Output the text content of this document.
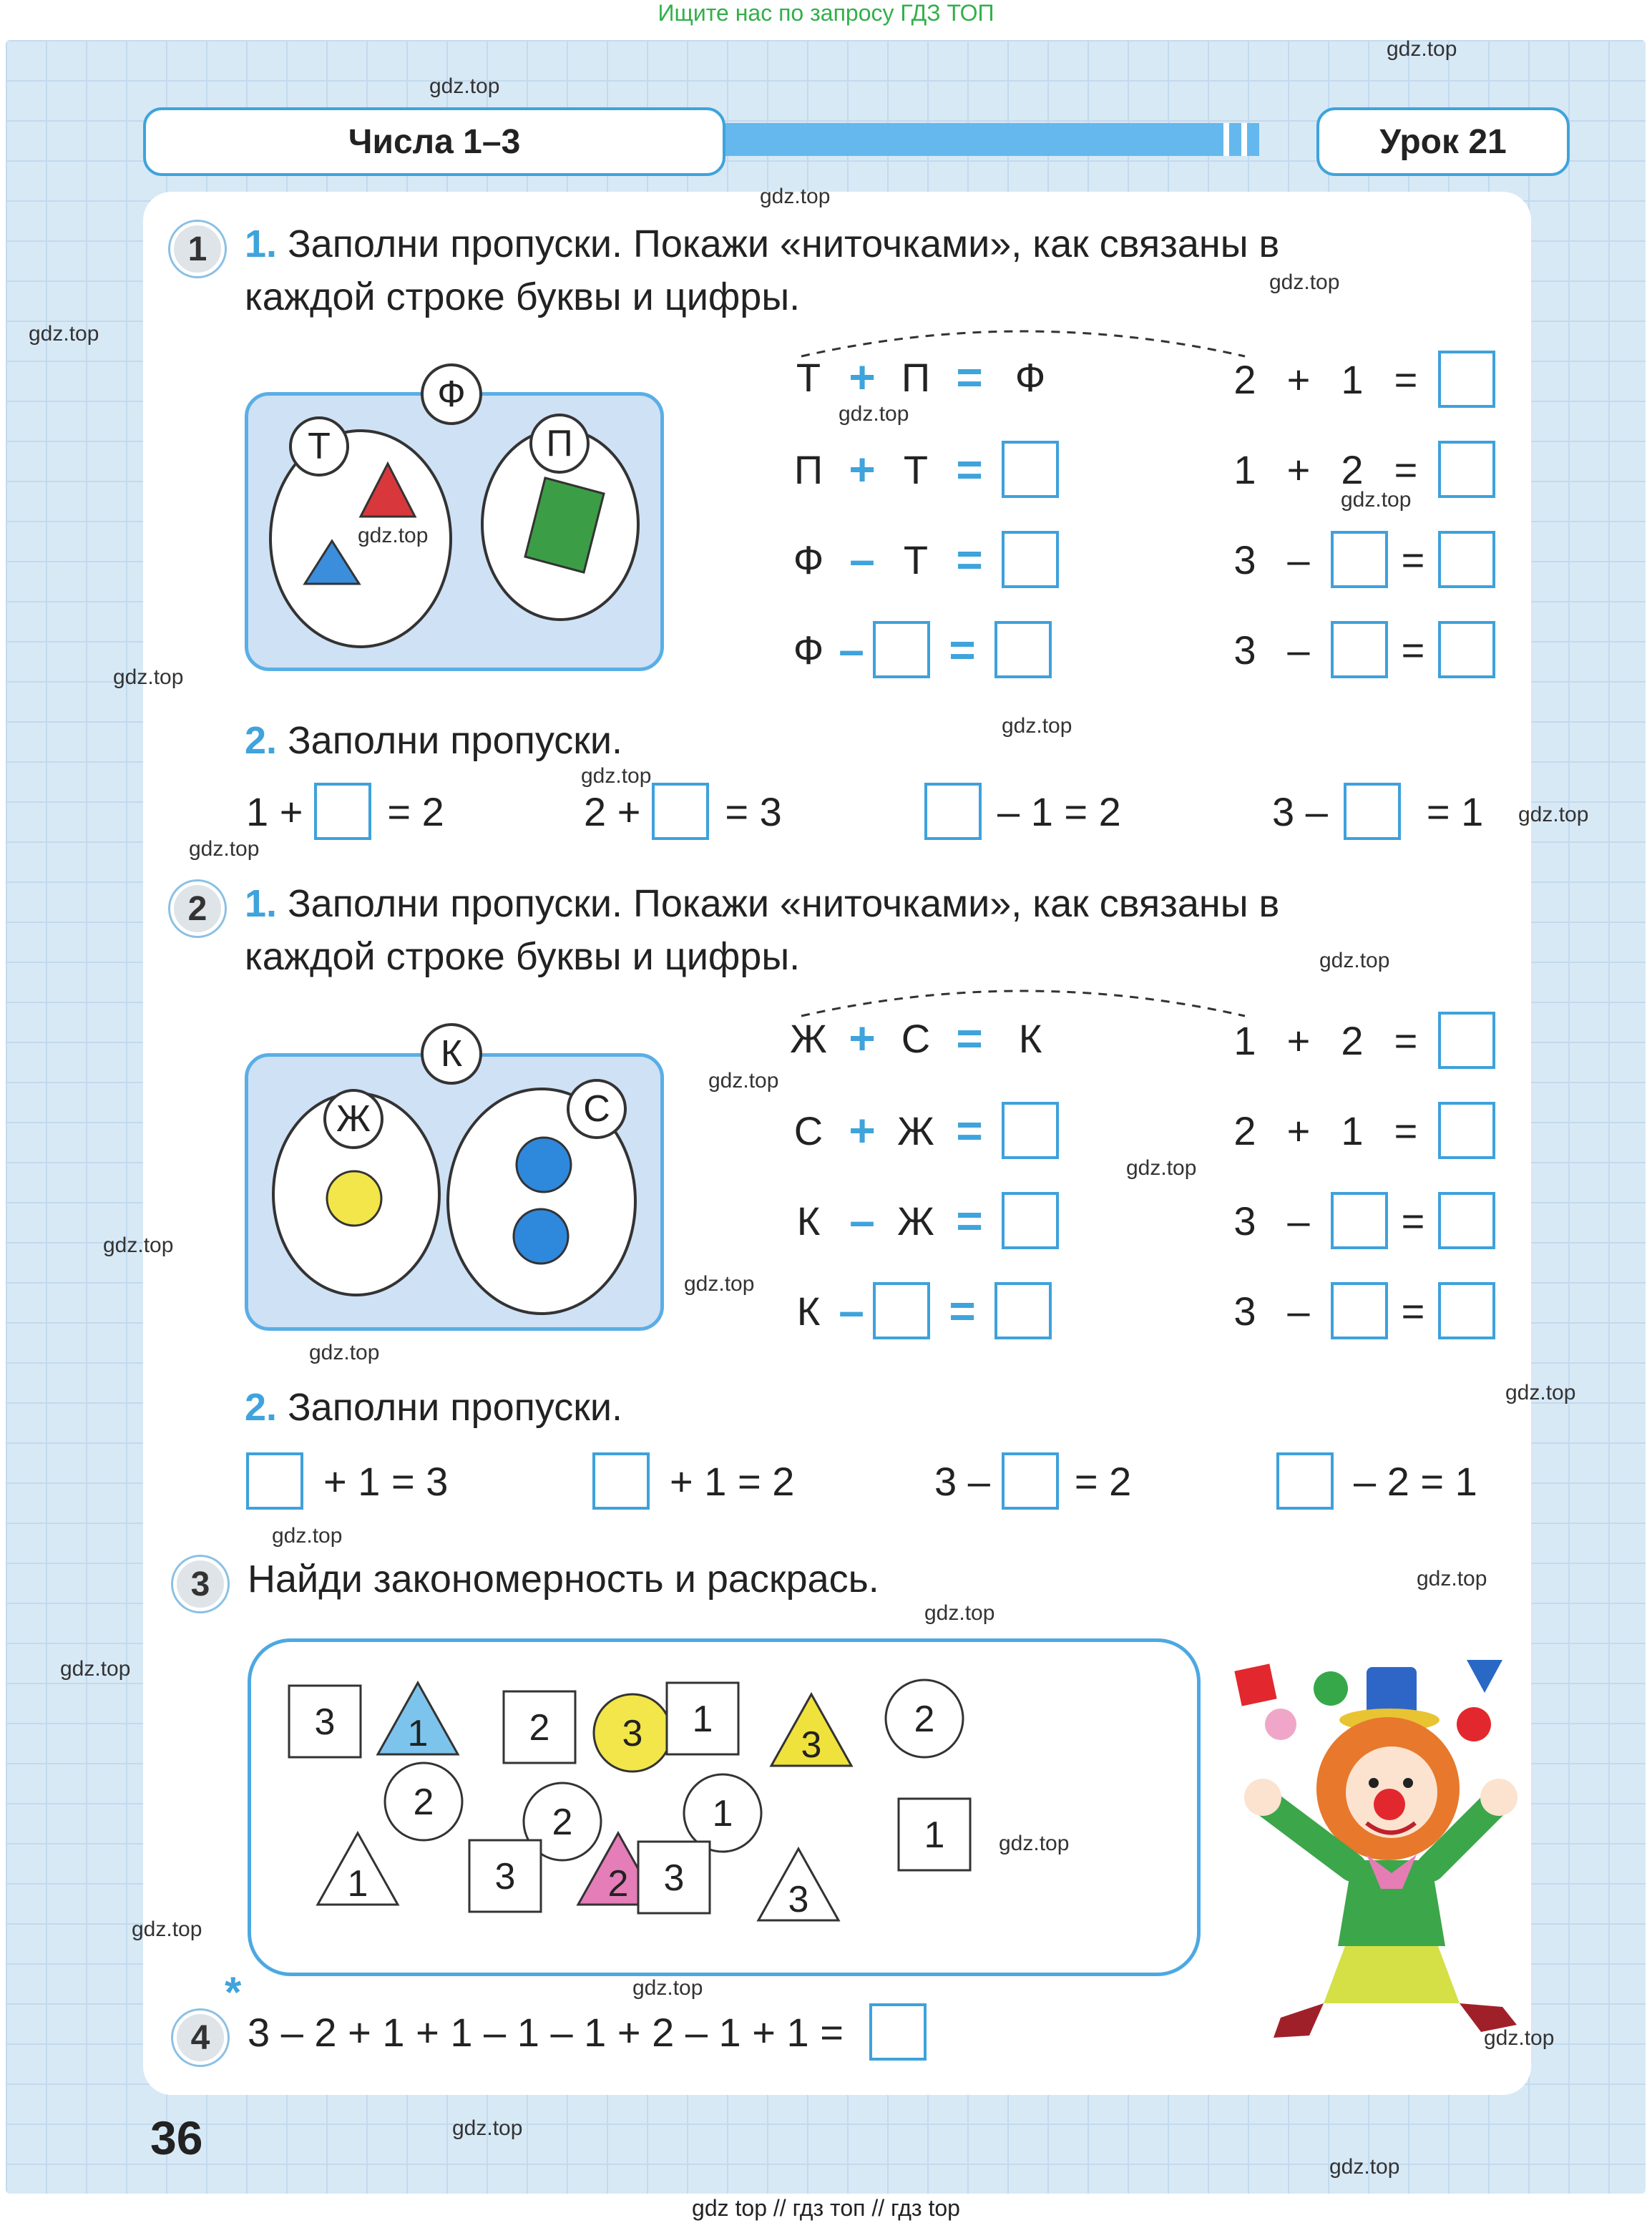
Ищите нас по запросу ГДЗ ТОП
Числа 1–3	Урок 21
1 1. Заполни пропуски. Покажи «ниточками», как связаны в
каждой строке буквы и цифры.
Ф
Т	П
Т + П = Ф
П + Т =
Ф – Т =
Ф –	=
2 + 1 =
1 + 2 =
3 –	=
3 –	=
2. Заполни пропуски.
1 + = 2	2 + = 3	– 1 = 2	3 – = 1
2 1. Заполни пропуски. Покажи «ниточками», как связаны в
каждой строке буквы и цифры.
К
Ж	С
Ж + С = К
С + Ж =
К – Ж =
К –	=
1 + 2 =
2 + 1 =
3 –	=
3 –	=
2. Заполни пропуски.
+ 1 = 3	+ 1 = 2	3 – = 2	– 2 = 1
3 Найди закономерность и раскрась.
3 1	2 3 1
3
2
2	1
2	1
1	3 2 3
3
4
*
3 – 2 + 1 + 1 – 1 – 1 + 2 – 1 + 1 =
36
gdz.top
gdz.top
gdz.top
gdz.top
gdz.top
gdz.top
gdz.top
gdz.top
gdz.top
gdz.top
gdz.top
gdz.top
gdz.top
gdz.top
gdz.top
gdz.top
gdz.top
gdz.top
gdz.top
gdz.top
gdz.top
gdz.top
gdz.top
gdz.top
gdz.top
gdz.top
gdz.top
gdz.top
gdz.top
gdz.top
gdz top // гдз топ // гдз top
